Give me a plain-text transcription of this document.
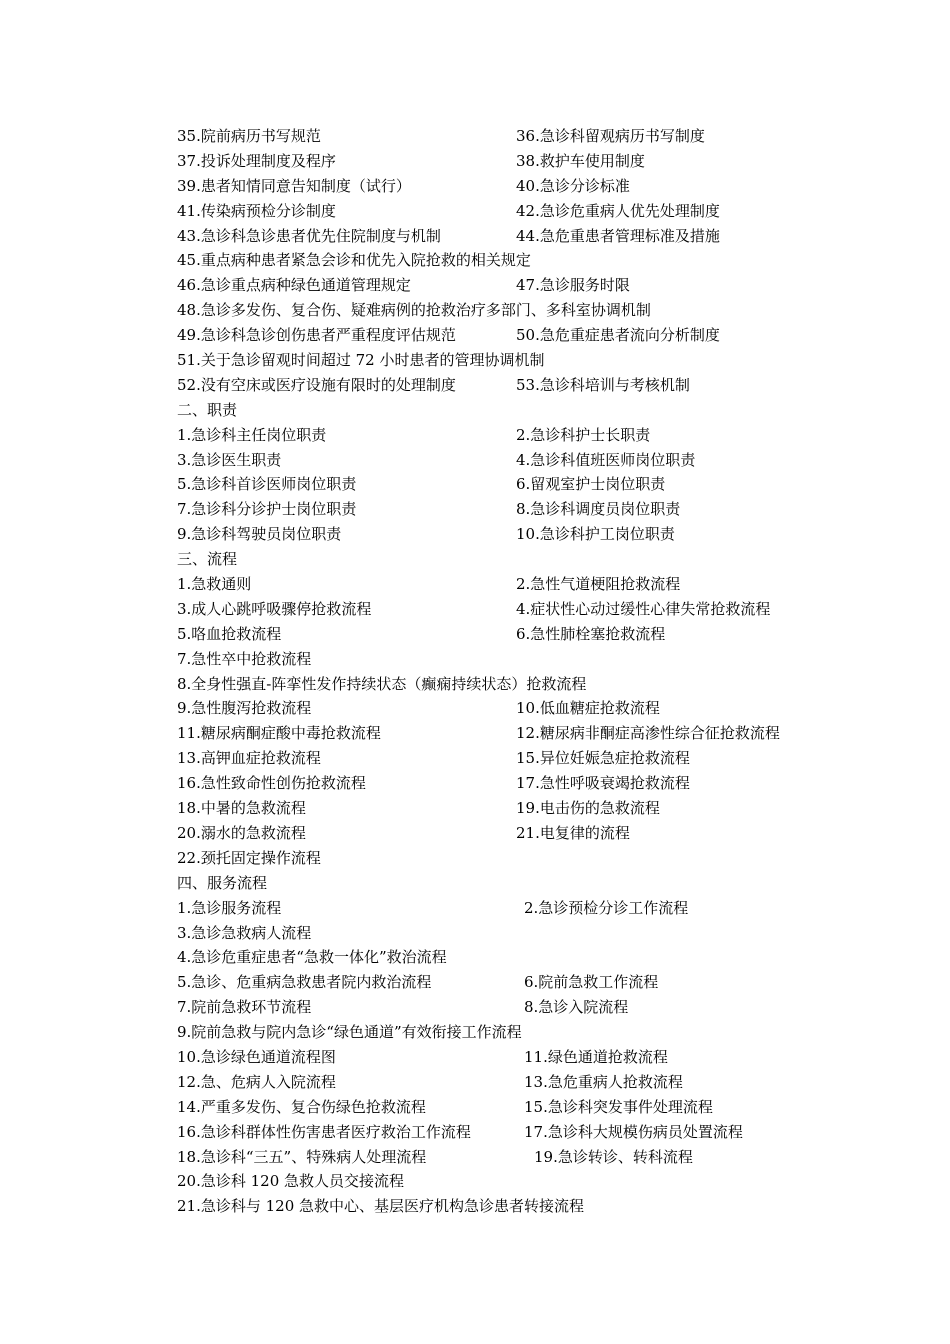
35.院前病历书写规范	36.急诊科留观病历书写制度
37.投诉处理制度及程序	38.救护车使用制度
39.患者知情同意告知制度（试行）	40.急诊分诊标准
41.传染病预检分诊制度	42.急诊危重病人优先处理制度
43.急诊科急诊患者优先住院制度与机制	44.急危重患者管理标准及措施
45.重点病种患者紧急会诊和优先入院抢救的相关规定
46.急诊重点病种绿色通道管理规定	47.急诊服务时限
48.急诊多发伤、复合伤、疑难病例的抢救治疗多部门、多科室协调机制
49.急诊科急诊创伤患者严重程度评估规范	50.急危重症患者流向分析制度
51.关于急诊留观时间超过 72 小时患者的管理协调机制
52.没有空床或医疗设施有限时的处理制度	53.急诊科培训与考核机制
二、职责
1.急诊科主任岗位职责	2.急诊科护士长职责
3.急诊医生职责	4.急诊科值班医师岗位职责
5.急诊科首诊医师岗位职责	6.留观室护士岗位职责
7.急诊科分诊护士岗位职责	8.急诊科调度员岗位职责
9.急诊科驾驶员岗位职责	10.急诊科护工岗位职责
三、流程
1.急救通则	2.急性气道梗阻抢救流程
3.成人心跳呼吸骤停抢救流程	4.症状性心动过缓性心律失常抢救流程
5.咯血抢救流程	6.急性肺栓塞抢救流程
7.急性卒中抢救流程
8.全身性强直-阵挛性发作持续状态（癫痫持续状态）抢救流程
9.急性腹泻抢救流程	10.低血糖症抢救流程
11.糖尿病酮症酸中毒抢救流程	12.糖尿病非酮症高渗性综合征抢救流程
13.高钾血症抢救流程	15.异位妊娠急症抢救流程
16.急性致命性创伤抢救流程	17.急性呼吸衰竭抢救流程
18.中暑的急救流程	19.电击伤的急救流程
20.溺水的急救流程	21.电复律的流程
22.颈托固定操作流程
四、服务流程
1.急诊服务流程	2.急诊预检分诊工作流程
3.急诊急救病人流程
4.急诊危重症患者“急救一体化”救治流程
5.急诊、危重病急救患者院内救治流程	6.院前急救工作流程
7.院前急救环节流程	8.急诊入院流程
9.院前急救与院内急诊“绿色通道”有效衔接工作流程
10.急诊绿色通道流程图	11.绿色通道抢救流程
12.急、危病人入院流程	13.急危重病人抢救流程
14.严重多发伤、复合伤绿色抢救流程	15.急诊科突发事件处理流程
16.急诊科群体性伤害患者医疗救治工作流程	17.急诊科大规模伤病员处置流程
18.急诊科“三五”、特殊病人处理流程	19.急诊转诊、转科流程
20.急诊科 120 急救人员交接流程
21.急诊科与 120 急救中心、基层医疗机构急诊患者转接流程
